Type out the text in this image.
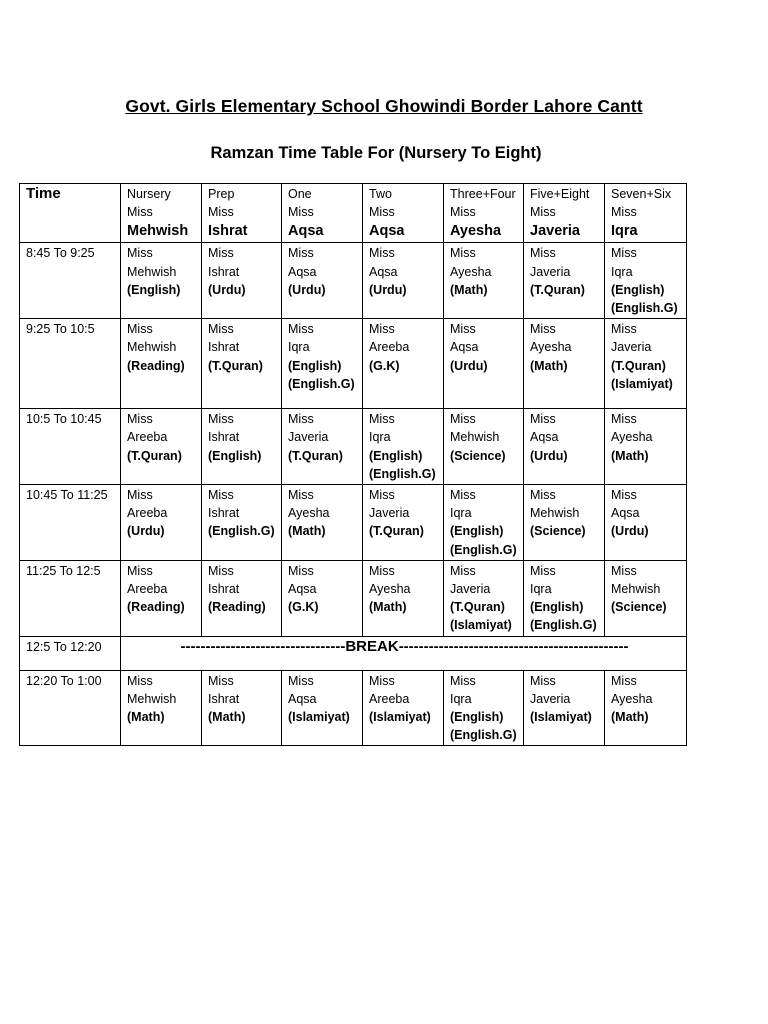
Govt. Girls Elementary School Ghowindi Border Lahore Cantt
Ramzan Time Table For (Nursery To Eight)
Time	Nursery
Miss
Mehwish	Prep
Miss
Ishrat	One
Miss
Aqsa	Two
Miss
Aqsa	Three+Four
Miss
Ayesha	Five+Eight
Miss
Javeria	Seven+Six
Miss
Iqra

8:45 To 9:25	Miss
Mehwish
(English)	Miss
Ishrat
(Urdu)	Miss
Aqsa
(Urdu)	Miss
Aqsa
(Urdu)	Miss
Ayesha
(Math)	Miss
Javeria
(T.Quran)	Miss
Iqra
(English)
(English.G)

9:25 To 10:5	Miss
Mehwish
(Reading)	Miss
Ishrat
(T.Quran)	Miss
Iqra
(English)
(English.G)	Miss
Areeba
(G.K)	Miss
Aqsa
(Urdu)	Miss
Ayesha
(Math)	Miss
Javeria
(T.Quran)
(Islamiyat)

10:5 To 10:45	Miss
Areeba
(T.Quran)	Miss
Ishrat
(English)	Miss
Javeria
(T.Quran)	Miss
Iqra
(English)
(English.G)	Miss
Mehwish
(Science)	Miss
Aqsa
(Urdu)	Miss
Ayesha
(Math)

10:45 To 11:25	Miss
Areeba
(Urdu)	Miss
Ishrat
(English.G)	Miss
Ayesha
(Math)	Miss
Javeria
(T.Quran)	Miss
Iqra
(English)
(English.G)	Miss
Mehwish
(Science)	Miss
Aqsa
(Urdu)

11:25 To 12:5	Miss
Areeba
(Reading)	Miss
Ishrat
(Reading)	Miss
Aqsa
(G.K)	Miss
Ayesha
(Math)	Miss
Javeria
(T.Quran)
(Islamiyat)	Miss
Iqra
(English)
(English.G)	Miss
Mehwish
(Science)

12:5 To 12:20	---------------------------------BREAK----------------------------------------------						
12:20 To 1:00	Miss
Mehwish
(Math)	Miss
Ishrat
(Math)	Miss
Aqsa
(Islamiyat)	Miss
Areeba
(Islamiyat)	Miss
Iqra
(English)
(English.G)	Miss
Javeria
(Islamiyat)	Miss
Ayesha
(Math)
